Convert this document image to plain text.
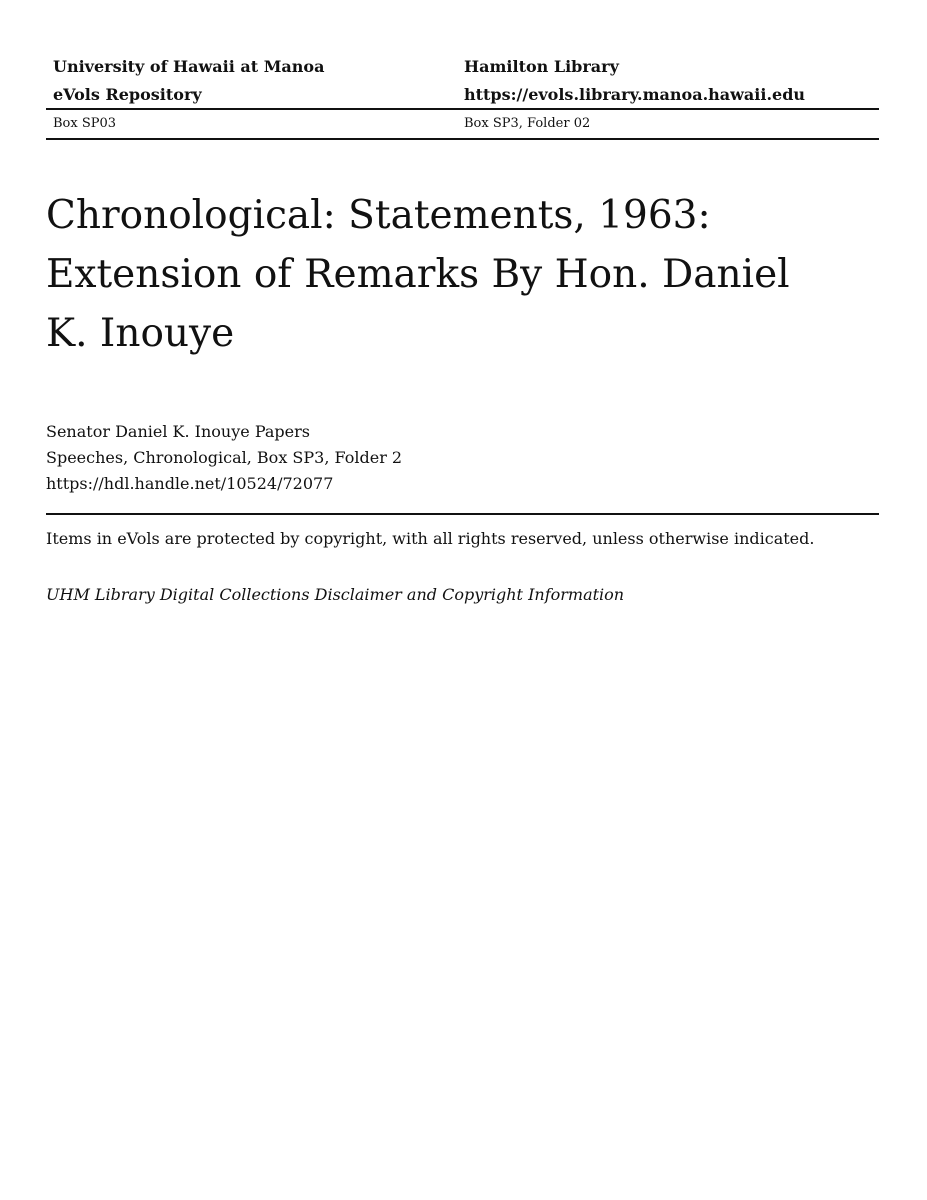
University of Hawaii at Manoa	Hamilton Library
eVols Repository	https://evols.library.manoa.hawaii.edu
Box SP03	Box SP3, Folder 02
Chronological: Statements, 1963: Extension of Remarks By Hon. Daniel K. Inouye
Senator Daniel K. Inouye Papers
Speeches, Chronological, Box SP3, Folder 2
https://hdl.handle.net/10524/72077
Items in eVols are protected by copyright, with all rights reserved, unless otherwise indicated.
UHM Library Digital Collections Disclaimer and Copyright Information
